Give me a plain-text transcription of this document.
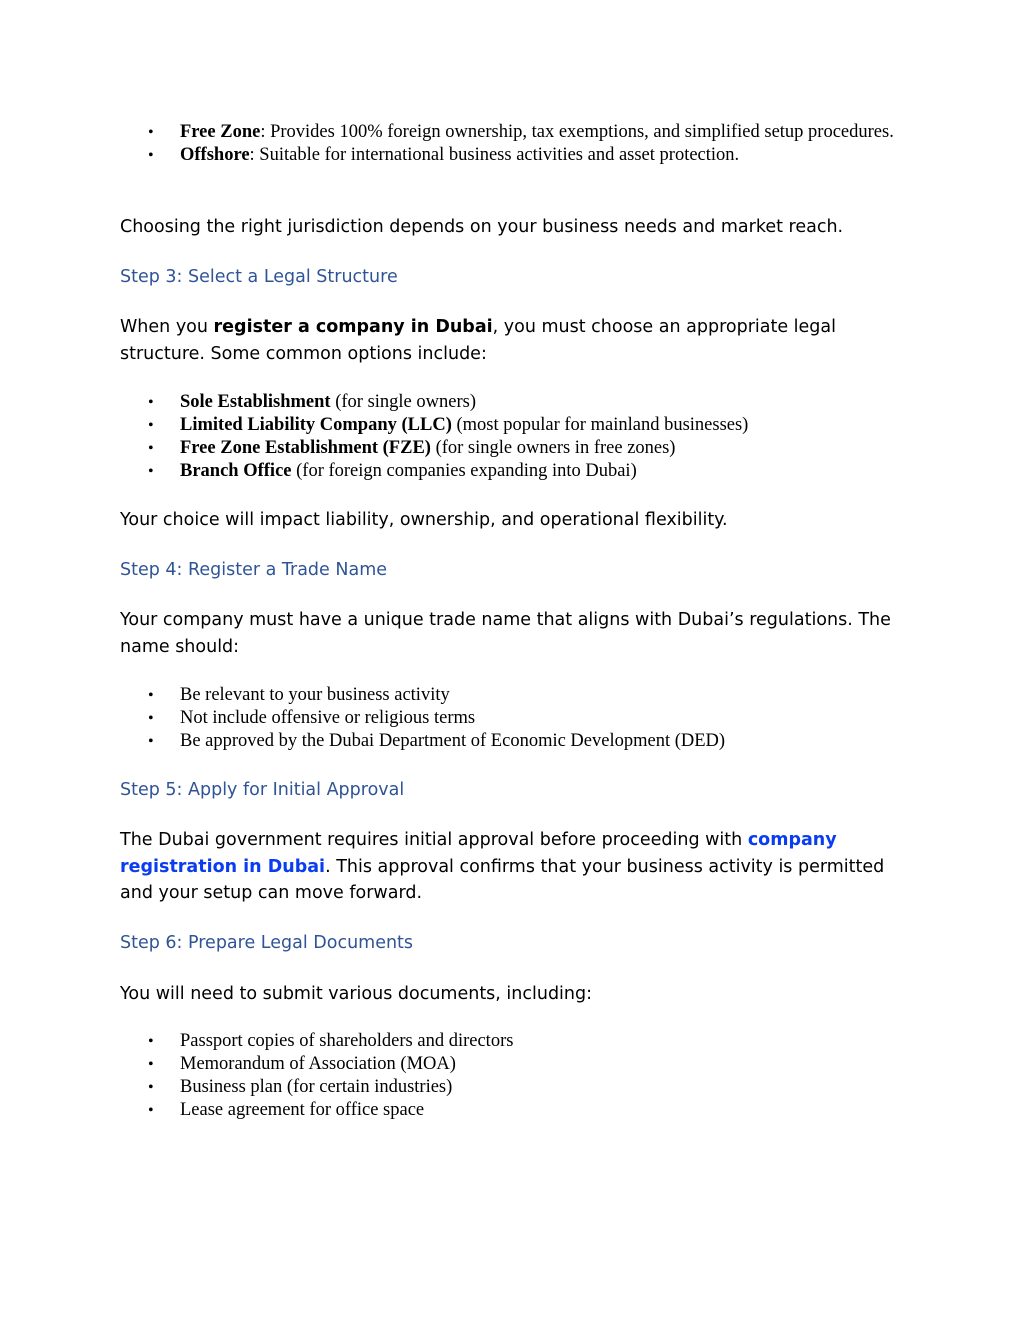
• Free Zone: Provides 100% foreign ownership, tax exemptions, and simplified setup procedures.
• Offshore: Suitable for international business activities and asset protection.

Choosing the right jurisdiction depends on your business needs and market reach.

Step 3: Select a Legal Structure

When you register a company in Dubai, you must choose an appropriate legal structure. Some common options include:

• Sole Establishment (for single owners)
• Limited Liability Company (LLC) (most popular for mainland businesses)
• Free Zone Establishment (FZE) (for single owners in free zones)
• Branch Office (for foreign companies expanding into Dubai)

Your choice will impact liability, ownership, and operational flexibility.

Step 4: Register a Trade Name

Your company must have a unique trade name that aligns with Dubai’s regulations. The name should:

• Be relevant to your business activity
• Not include offensive or religious terms
• Be approved by the Dubai Department of Economic Development (DED)
Step 5: Apply for Initial Approval

The Dubai government requires initial approval before proceeding with company registration in Dubai. This approval confirms that your business activity is permitted and your setup can move forward.

Step 6: Prepare Legal Documents

You will need to submit various documents, including:

• Passport copies of shareholders and directors
• Memorandum of Association (MOA)
• Business plan (for certain industries)
• Lease agreement for office space
